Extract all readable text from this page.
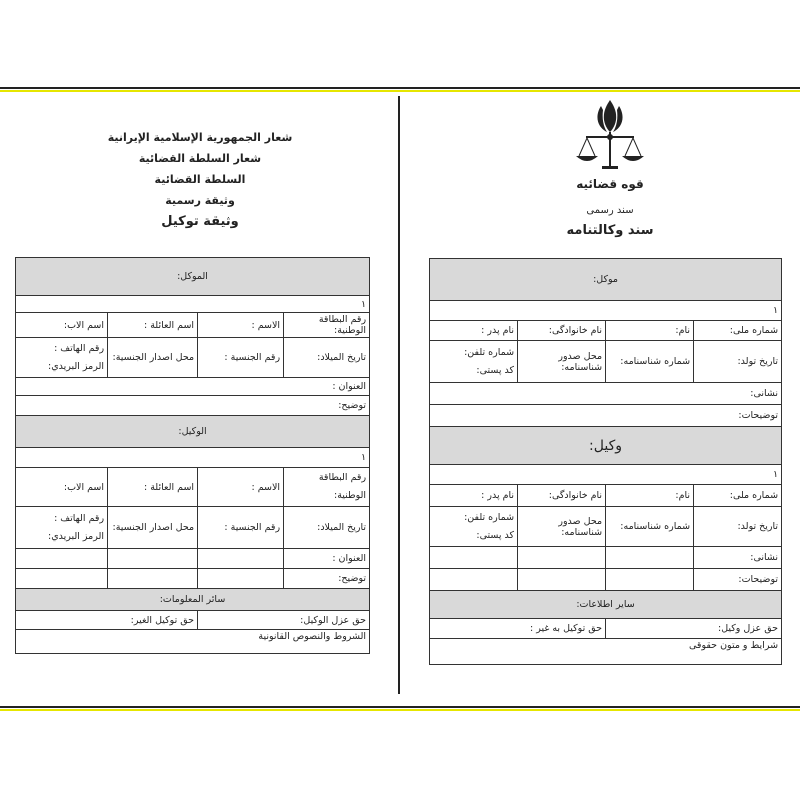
شعار الجمهورية الإسلامية الإيرانية
شعار السلطة القضائية
السلطة القضائية
وثيقة رسمية
وثيقة توكيل
الموكل:			
١			
رقم البطاقة الوطنية:	الاسم :	اسم العائلة :	اسم الاب:
تاريخ الميلاد:	رقم الجنسية :	محل اصدار الجنسية:	رقم الهاتف :
الرمز البريدي:

العنوان :			
توضيح:			
الوكيل:			
١			

رقم البطاقة
الوطنية:	الاسم :	اسم العائلة :	اسم الاب:
تاريخ الميلاد:	رقم الجنسية :	محل اصدار الجنسية:	رقم الهاتف :
الرمز البريدي:

العنوان :			
توضيح:			
سائر المعلومات:			
حق عزل الوكيل:		حق توكيل الغير:	
الشروط والنصوص القانونية			
قوه قضائيه
سند رسمی
سند وکالتنامه
موکل:			
١			
شماره ملی:	نام:	نام خانوادگی:	نام پدر :
تاریخ تولد:	شماره شناسنامه:	محل صدور شناسنامه:	شماره تلفن:
کد پستی:

نشانی:			
توضیحات:			
وکیل:			
١			
شماره ملی:	نام:	نام خانوادگی:	نام پدر :
تاریخ تولد:	شماره شناسنامه:	محل صدور شناسنامه:	شماره تلفن:
کد پستی:

نشانی:			
توضیحات:			
سایر اطلاعات:			
حق عزل وکیل:		حق توکیل به غیر :	
شرایط و متون حقوقی			
